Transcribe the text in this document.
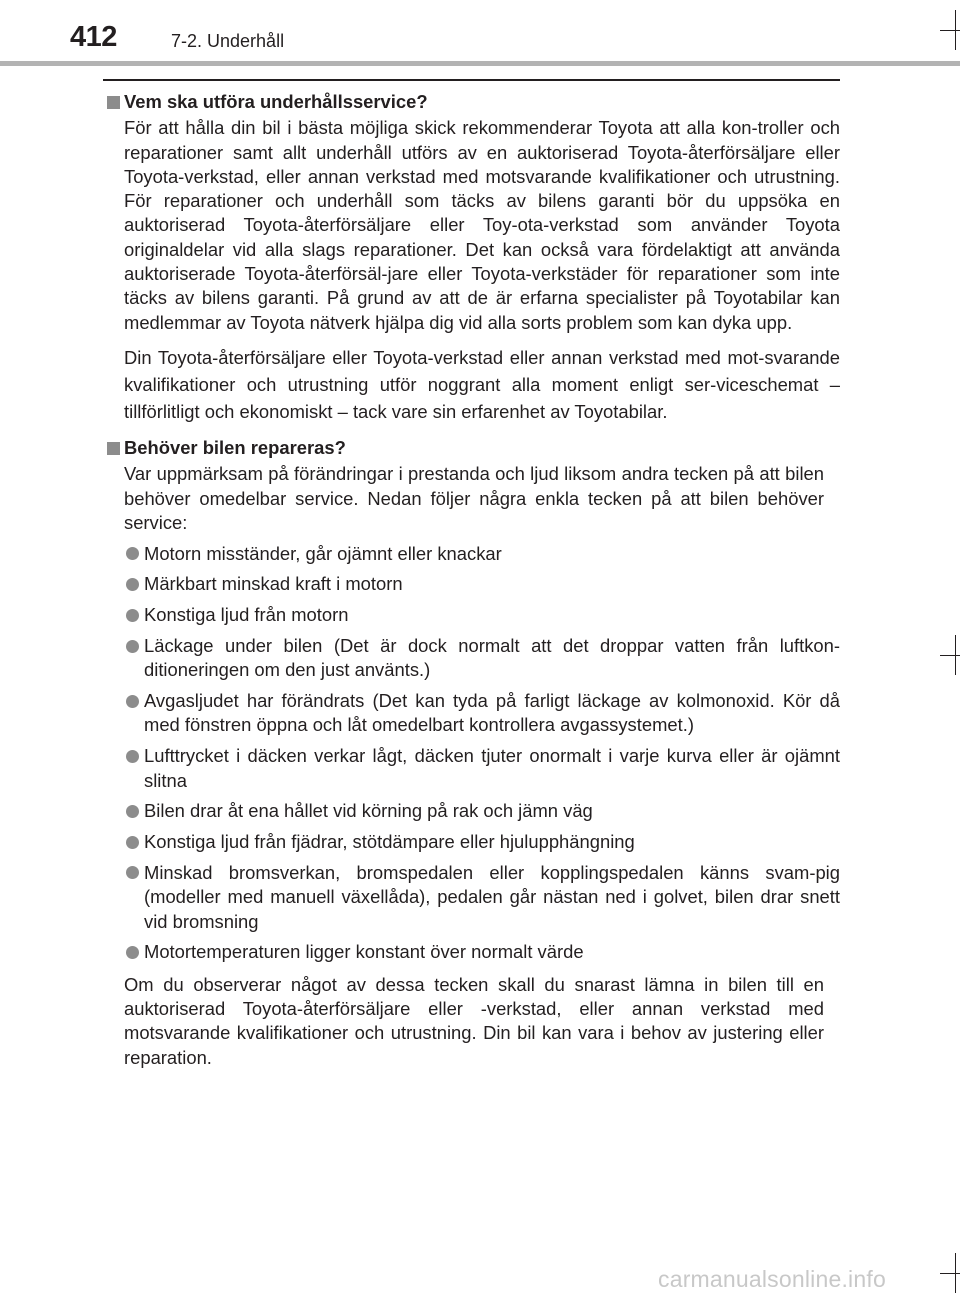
412	7-2. Underhåll
Vem ska utföra underhållsservice?

För att hålla din bil i bästa möjliga skick rekommenderar Toyota att alla kon-troller och reparationer samt allt underhåll utförs av en auktoriserad Toyota-återförsäljare eller Toyota-verkstad, eller annan verkstad med motsvarande kvalifikationer och utrustning. För reparationer och underhåll som täcks av bilens garanti bör du uppsöka en auktoriserad Toyota-återförsäljare eller Toy-ota-verkstad som använder Toyota originaldelar vid alla slags reparationer. Det kan också vara fördelaktigt att använda auktoriserade Toyota-återförsäl-jare eller Toyota-verkstäder för reparationer som inte täcks av bilens garanti. På grund av att de är erfarna specialister på Toyotabilar kan medlemmar av Toyota nätverk hjälpa dig vid alla sorts problem som kan dyka upp.

Din Toyota-återförsäljare eller Toyota-verkstad eller annan verkstad med mot-svarande kvalifikationer och utrustning utför noggrant alla moment enligt ser-viceschemat – tillförlitligt och ekonomiskt – tack vare sin erfarenhet av Toyotabilar.

Behöver bilen repareras?

Var uppmärksam på förändringar i prestanda och ljud liksom andra tecken på att bilen behöver omedelbar service. Nedan följer några enkla tecken på att bilen behöver service:

Motorn misständer, går ojämnt eller knackar
Märkbart minskad kraft i motorn
Konstiga ljud från motorn
Läckage under bilen (Det är dock normalt att det droppar vatten från luftkon-ditioneringen om den just använts.)
Avgasljudet har förändrats (Det kan tyda på farligt läckage av kolmonoxid. Kör då med fönstren öppna och låt omedelbart kontrollera avgassystemet.)
Lufttrycket i däcken verkar lågt, däcken tjuter onormalt i varje kurva eller är ojämnt slitna
Bilen drar åt ena hållet vid körning på rak och jämn väg
Konstiga ljud från fjädrar, stötdämpare eller hjulupphängning
Minskad bromsverkan, bromspedalen eller kopplingspedalen känns svam-pig (modeller med manuell växellåda), pedalen går nästan ned i golvet, bilen drar snett vid bromsning
Motortemperaturen ligger konstant över normalt värde

Om du observerar något av dessa tecken skall du snarast lämna in bilen till en auktoriserad Toyota-återförsäljare eller -verkstad, eller annan verkstad med motsvarande kvalifikationer och utrustning. Din bil kan vara i behov av justering eller reparation.

carmanualsonline.info
